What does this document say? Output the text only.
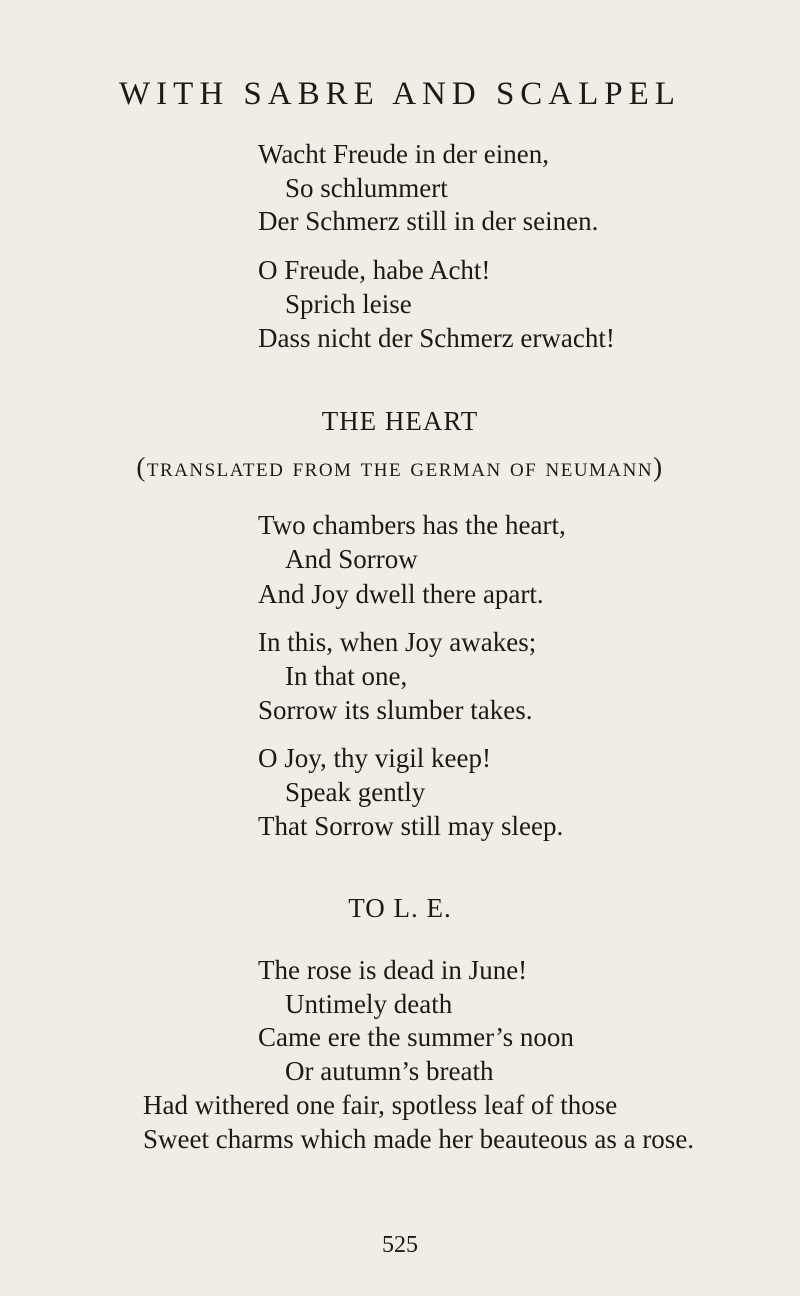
WITH SABRE AND SCALPEL
Wacht Freude in der einen,
So schlummert
Der Schmerz still in der seinen.
O Freude, habe Acht!
Sprich leise
Dass nicht der Schmerz erwacht!
THE HEART
(translated from the german of neumann)
Two chambers has the heart,
And Sorrow
And Joy dwell there apart.
In this, when Joy awakes;
In that one,
Sorrow its slumber takes.
O Joy, thy vigil keep!
Speak gently
That Sorrow still may sleep.
TO L. E.
The rose is dead in June!
Untimely death
Came ere the summer’s noon
Or autumn’s breath
Had withered one fair, spotless leaf of those
Sweet charms which made her beauteous as a rose.
525
